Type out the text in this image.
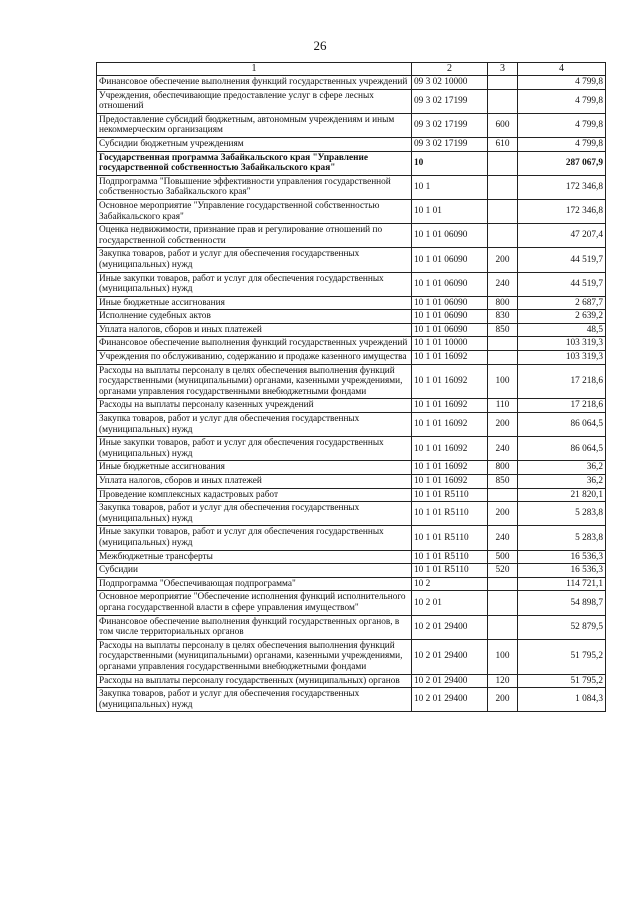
26
1	2	3	4
Финансовое обеспечение выполнения функций государственных учреждений	09 3 02 10000		4 799,8
Учреждения, обеспечивающие предоставление услуг в сфере лесных отношений	09 3 02 17199		4 799,8
Предоставление субсидий бюджетным, автономным учреждениям и иным некоммерческим организациям	09 3 02 17199	600	4 799,8
Субсидии бюджетным учреждениям	09 3 02 17199	610	4 799,8
Государственная программа Забайкальского края "Управление государственной собственностью Забайкальского края"	10		287 067,9
Подпрограмма "Повышение эффективности управления государственной собственностью Забайкальского края"	10 1		172 346,8
Основное мероприятие "Управление государственной собственностью Забайкальского края"	10 1 01		172 346,8
Оценка недвижимости, признание прав и регулирование отношений по государственной собственности	10 1 01 06090		47 207,4
Закупка товаров, работ и услуг для обеспечения государственных (муниципальных) нужд	10 1 01 06090	200	44 519,7
Иные закупки товаров, работ и услуг для обеспечения государственных (муниципальных) нужд	10 1 01 06090	240	44 519,7
Иные бюджетные ассигнования	10 1 01 06090	800	2 687,7
Исполнение судебных актов	10 1 01 06090	830	2 639,2
Уплата налогов, сборов и иных платежей	10 1 01 06090	850	48,5
Финансовое обеспечение выполнения функций государственных учреждений	10 1 01 10000		103 319,3
Учреждения по обслуживанию, содержанию и продаже казенного имущества	10 1 01 16092		103 319,3
Расходы на выплаты персоналу в целях обеспечения выполнения функций государственными (муниципальными) органами, казенными учреждениями, органами управления государственными внебюджетными фондами	10 1 01 16092	100	17 218,6
Расходы на выплаты персоналу казенных учреждений	10 1 01 16092	110	17 218,6
Закупка товаров, работ и услуг для обеспечения государственных (муниципальных) нужд	10 1 01 16092	200	86 064,5
Иные закупки товаров, работ и услуг для обеспечения государственных (муниципальных) нужд	10 1 01 16092	240	86 064,5
Иные бюджетные ассигнования	10 1 01 16092	800	36,2
Уплата налогов, сборов и иных платежей	10 1 01 16092	850	36,2
Проведение комплексных кадастровых работ	10 1 01 R5110		21 820,1
Закупка товаров, работ и услуг для обеспечения государственных (муниципальных) нужд	10 1 01 R5110	200	5 283,8
Иные закупки товаров, работ и услуг для обеспечения государственных (муниципальных) нужд	10 1 01 R5110	240	5 283,8
Межбюджетные трансферты	10 1 01 R5110	500	16 536,3
Субсидии	10 1 01 R5110	520	16 536,3
Подпрограмма "Обеспечивающая подпрограмма"	10 2		114 721,1
Основное мероприятие "Обеспечение исполнения функций исполнительного органа государственной власти в сфере управления имуществом"	10 2 01		54 898,7
Финансовое обеспечение выполнения функций государственных органов, в том числе территориальных органов	10 2 01 29400		52 879,5
Расходы на выплаты персоналу в целях обеспечения выполнения функций государственными (муниципальными) органами, казенными учреждениями, органами управления государственными внебюджетными фондами	10 2 01 29400	100	51 795,2
Расходы на выплаты персоналу государственных (муниципальных) органов	10 2 01 29400	120	51 795,2
Закупка товаров, работ и услуг для обеспечения государственных (муниципальных) нужд	10 2 01 29400	200	1 084,3
